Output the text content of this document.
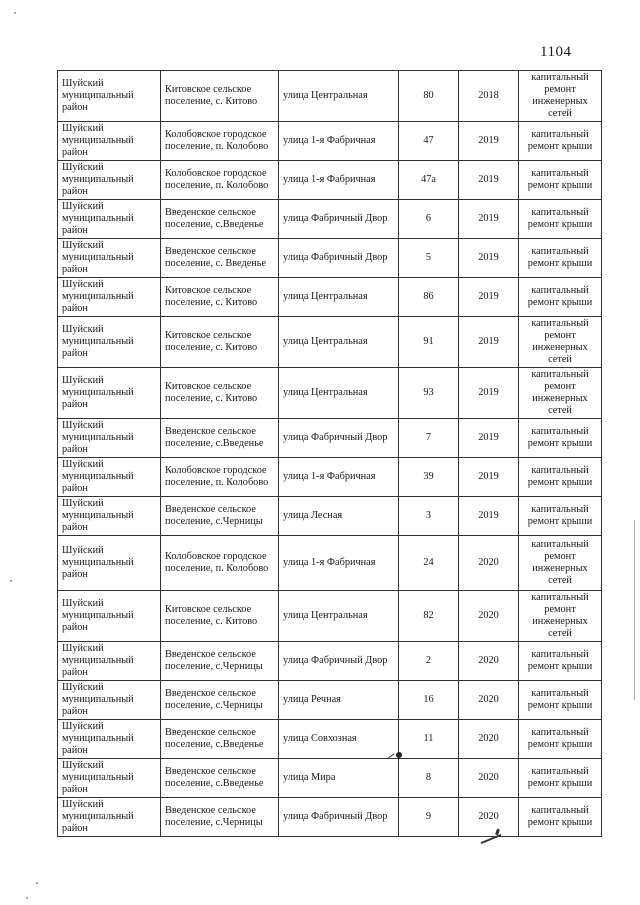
1104
Шуйский муниципальный район	Китовское сельское поселение, с. Китово	улица Центральная	80	2018	капитальный ремонт инженерных сетей
Шуйский муниципальный район	Колобовское городское поселение, п. Колобово	улица 1-я Фабричная	47	2019	капитальный ремонт крыши
Шуйский муниципальный район	Колобовское городское поселение, п. Колобово	улица 1-я Фабричная	47а	2019	капитальный ремонт крыши
Шуйский муниципальный район	Введенское сельское поселение, с.Введенье	улица Фабричный Двор	6	2019	капитальный ремонт крыши
Шуйский муниципальный район	Введенское сельское поселение, с. Введенье	улица Фабричный Двор	5	2019	капитальный ремонт крыши
Шуйский муниципальный район	Китовское сельское поселение, с. Китово	улица Центральная	86	2019	капитальный ремонт крыши
Шуйский муниципальный район	Китовское сельское поселение, с. Китово	улица Центральная	91	2019	капитальный ремонт инженерных сетей
Шуйский муниципальный район	Китовское сельское поселение, с. Китово	улица Центральная	93	2019	капитальный ремонт инженерных сетей
Шуйский муниципальный район	Введенское сельское поселение, с.Введенье	улица Фабричный Двор	7	2019	капитальный ремонт крыши
Шуйский муниципальный район	Колобовское городское поселение, п. Колобово	улица 1-я Фабричная	39	2019	капитальный ремонт крыши
Шуйский муниципальный район	Введенское сельское поселение, с.Черницы	улица Лесная	3	2019	капитальный ремонт крыши
Шуйский муниципальный район	Колобовское городское поселение, п. Колобово	улица 1-я Фабричная	24	2020	капитальный ремонт инженерных сетей
Шуйский муниципальный район	Китовское сельское поселение, с. Китово	улица Центральная	82	2020	капитальный ремонт инженерных сетей
Шуйский муниципальный район	Введенское сельское поселение, с.Черницы	улица Фабричный Двор	2	2020	капитальный ремонт крыши
Шуйский муниципальный район	Введенское сельское поселение, с.Черницы	улица Речная	16	2020	капитальный ремонт крыши
Шуйский муниципальный район	Введенское сельское поселение, с.Введенье	улица Совхозная	11	2020	капитальный ремонт крыши
Шуйский муниципальный район	Введенское сельское поселение, с.Введенье	улица Мира	8	2020	капитальный ремонт крыши
Шуйский муниципальный район	Введенское сельское поселение, с.Черницы	улица Фабричный Двор	9	2020	капитальный ремонт крыши
